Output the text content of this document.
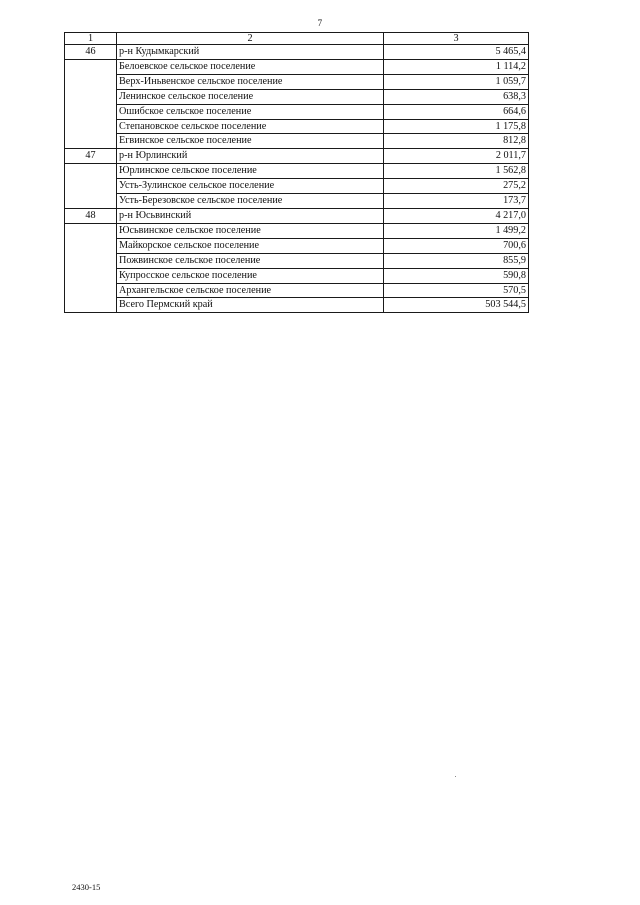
7
1	2	3
46	р-н Кудымкарский	5 465,4
	Белоевское сельское поселение	1 114,2
	Верх-Иньвенское сельское поселение	1 059,7
	Ленинское сельское поселение	638,3
	Ошибское сельское поселение	664,6
	Степановское сельское поселение	1 175,8
	Егвинское сельское поселение	812,8
47	р-н Юрлинский	2 011,7
	Юрлинское сельское поселение	1 562,8
	Усть-Зулинское сельское поселение	275,2
	Усть-Березовское сельское поселение	173,7
48	р-н Юсьвинский	4 217,0
	Юсьвинское сельское поселение	1 499,2
	Майкорское сельское поселение	700,6
	Пожвинское сельское поселение	855,9
	Купросское сельское поселение	590,8
	Архангельское сельское поселение	570,5
	Всего Пермский край	503 544,5
2430-15
